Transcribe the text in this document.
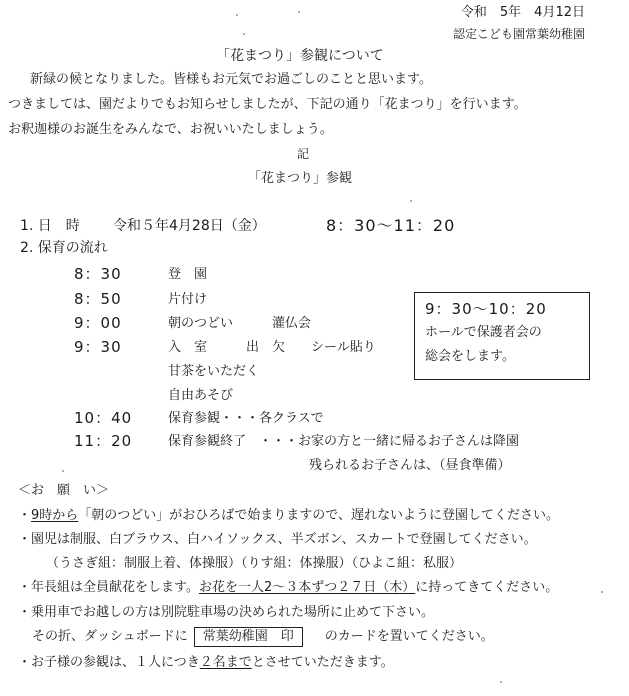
令和　5年　4月12日
認定こども園常葉幼稚園
「花まつり」参観について
新緑の候となりました。皆様もお元気でお過ごしのことと思います。
つきましては、園だよりでもお知らせしましたが、下記の通り「花まつり」を行います。
お釈迦様のお誕生をみんなで、お祝いいたしましょう。
記
「花まつり」参観
1. 日　時 令和５年4月28日（金）	8：30〜11：20
2. 保育の流れ
8：30	登　園
8：50	片付け
9：00	朝のつどい　　　灌仏会
9：30	入　室　　　出　欠　　シール貼り
甘茶をいただく
自由あそび
10：40	保育参観・・・各クラスで
11：20	保育参観終了　・・・お家の方と一緒に帰るお子さんは降園
残られるお子さんは、（昼食準備）
9：30〜10：20
ホールで保護者会の
総会をします。
＜お　願　い＞
・9時から「朝のつどい」がおひろばで始まりますので、遅れないように登園してください。
・園児は制服、白ブラウス、白ハイソックス、半ズボン、スカートで登園してください。
（うさぎ組：制服上着、体操服）（りす組：体操服）（ひよこ組：私服）
・年長組は全員献花をします。お花を一人2〜３本ずつ２７日（木）に持ってきてください。
・乗用車でお越しの方は別院駐車場の決められた場所に止めて下さい。
その折、ダッシュボードに 常葉幼稚園　印 のカードを置いてください。
・お子様の参観は、１人につき２名までとさせていただきます。
